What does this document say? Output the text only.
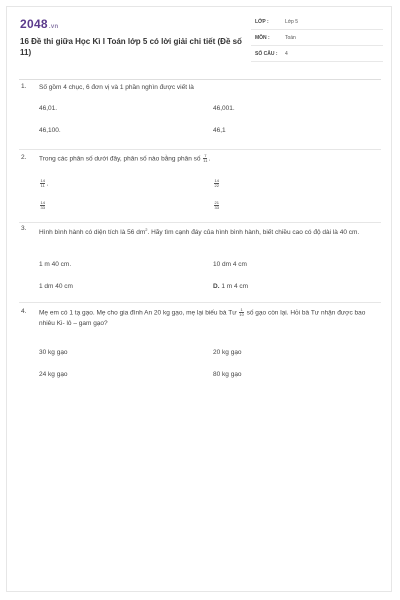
2048.vn
16 Đề thi giữa Học Kì I Toán lớp 5 có lời giải chi tiết (Đề số 11)
LỚP :	Lớp 5
MÔN :	Toán
SỐ CÂU : 4
1. Số gồm 4 chục, 6 đơn vị và 1 phần nghìn được viết là
46,01.	46,001.
46,100.	46,1
2. Trong các phân số dưới đây, phân số nào bằng phân số $\frac{7}{11}$ .
$\frac{14}{11}$ .	$\frac{14}{22}$
$\frac{14}{33}$	$\frac{21}{33}$
3.
Hình bình hành có diện tích là 56 $dm^2$. Hãy tìm cạnh đáy của hình bình hành, biết chiều cao có độ dài là 40 cm.
1 m 40 cm.	10 dm 4 cm
1 dm 40 cm	D. 1 m 4 cm
4. Mẹ em có 1 tạ gạo. Mẹ cho gia đình An 20 kg gạo, mẹ lại biếu bà Tư $\frac{1}{10}$ số gạo còn lại. Hỏi bà Tư nhận được bao nhiêu Ki- lô – gam gạo?
30 kg gạo	20 kg gạo
24 kg gạo	80 kg gạo
